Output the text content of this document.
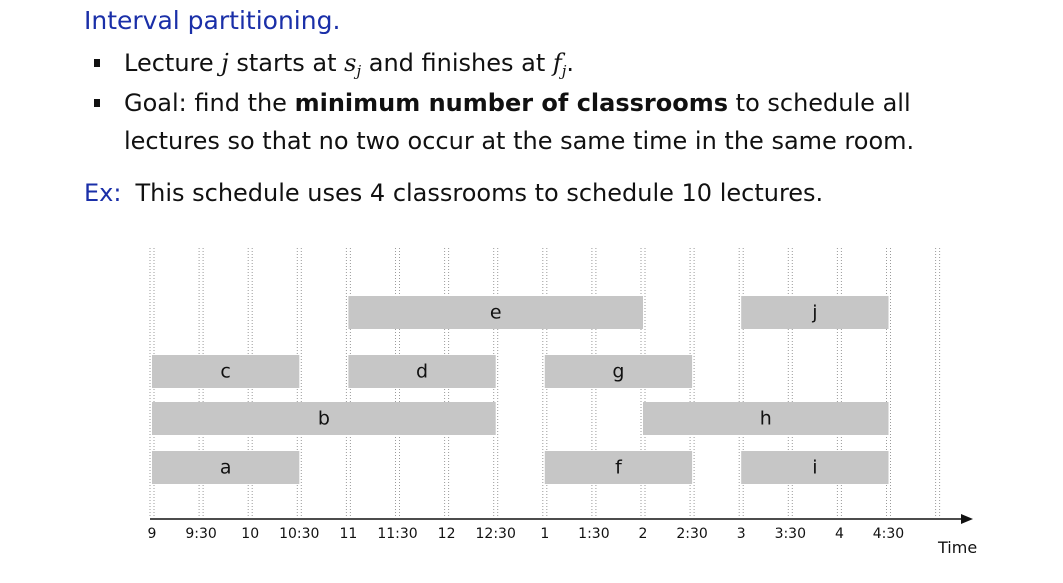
Interval partitioning.
Lecture j starts at $s_j$ and finishes at $f_j$.
Goal: find the minimum number of classrooms to schedule all
lectures so that no two occur at the same time in the same room.
Ex: This schedule uses 4 classrooms to schedule 10 lectures.
e	j
c	d	g
b	h
a	f	i
9 9:30 10 10:30 11 11:30 12 12:30 1 1:30 2 2:30 3 3:30 4 4:30
Time
